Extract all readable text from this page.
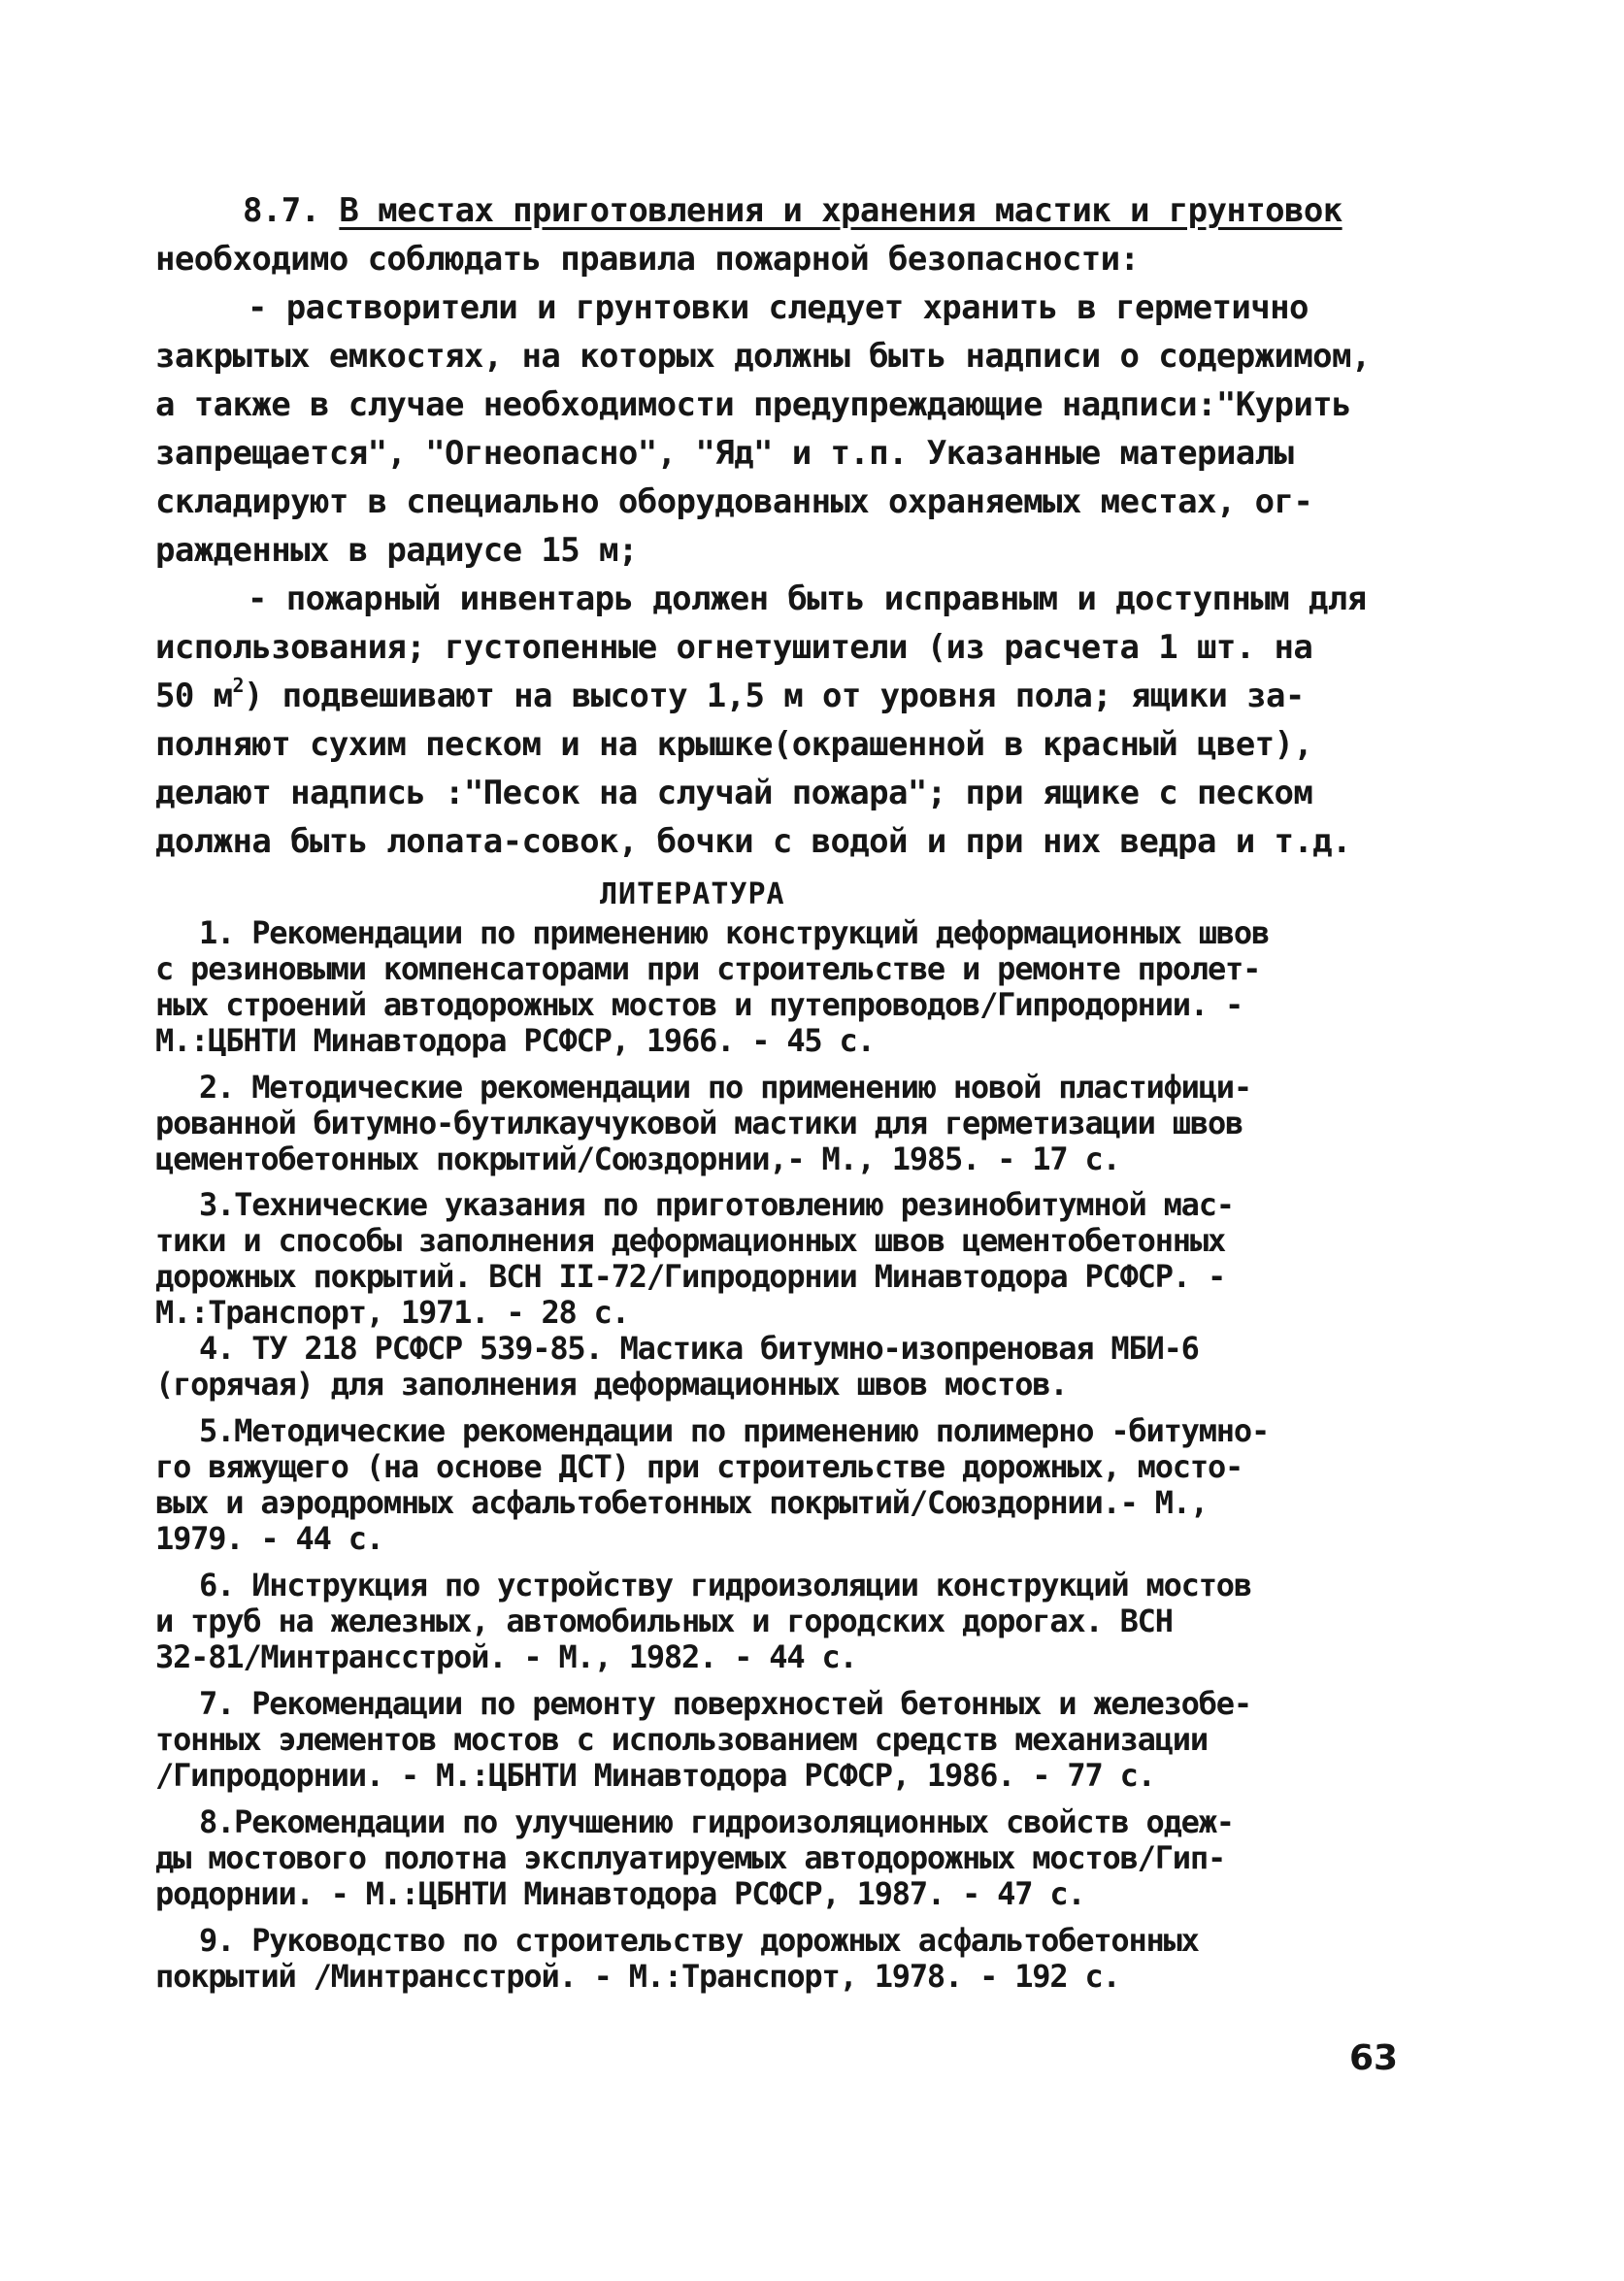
8.7. В местах приготовления и хранения мастик и грунтовок
необходимо соблюдать правила пожарной безопасности:
- растворители и грунтовки следует хранить в герметично
закрытых емкостях, на которых должны быть надписи о содержимом,
а также в случае необходимости предупреждающие надписи:"Курить
запрещается", "Огнеопасно", "Яд" и т.п. Указанные материалы
складируют в специально оборудованных охраняемых местах, ог-
ражденных в радиусе 15 м;
- пожарный инвентарь должен быть исправным и доступным для
использования; густопенные огнетушители (из расчета 1 шт. на
50 $м^2$) подвешивают на высоту 1,5 м от уровня пола; ящики за-
полняют сухим песком и на крышке(окрашенной в красный цвет),
делают надпись :"Песок на случай пожара"; при ящике с песком
должна быть лопата-совок, бочки с водой и при них ведра и т.д.
ЛИТЕРАТУРА
1. Рекомендации по применению конструкций деформационных швов
с резиновыми компенсаторами при строительстве и ремонте пролет-
ных строений автодорожных мостов и путепроводов/Гипродорнии. -
М.:ЦБНТИ Минавтодора РСФСР, 1966. - 45 с.
2. Методические рекомендации по применению новой пластифици-
рованной битумно-бутилкаучуковой мастики для герметизации швов
цементобетонных покрытий/Союздорнии,- М., 1985. - 17 с.
3.Технические указания по приготовлению резинобитумной мас-
тики и способы заполнения деформационных швов цементобетонных
дорожных покрытий. ВСН II-72/Гипродорнии Минавтодора РСФСР. -
М.:Транспорт, 1971. - 28 с.
4. ТУ 218 РСФСР 539-85. Мастика битумно-изопреновая МБИ-6
(горячая) для заполнения деформационных швов мостов.
5.Методические рекомендации по применению полимерно -битумно-
го вяжущего (на основе ДСТ) при строительстве дорожных, мосто-
вых и аэродромных асфальтобетонных покрытий/Союздорнии.- М.,
1979. - 44 с.
6. Инструкция по устройству гидроизоляции конструкций мостов
и труб на железных, автомобильных и городских дорогах. ВСН
32-81/Минтрансстрой. - М., 1982. - 44 с.
7. Рекомендации по ремонту поверхностей бетонных и железобе-
тонных элементов мостов с использованием средств механизации
/Гипродорнии. - М.:ЦБНТИ Минавтодора РСФСР, 1986. - 77 с.
8.Рекомендации по улучшению гидроизоляционных свойств одеж-
ды мостового полотна эксплуатируемых автодорожных мостов/Гип-
родорнии. - М.:ЦБНТИ Минавтодора РСФСР, 1987. - 47 с.
9. Руководство по строительству дорожных асфальтобетонных
покрытий /Минтрансстрой. - М.:Транспорт, 1978. - 192 с.
63
